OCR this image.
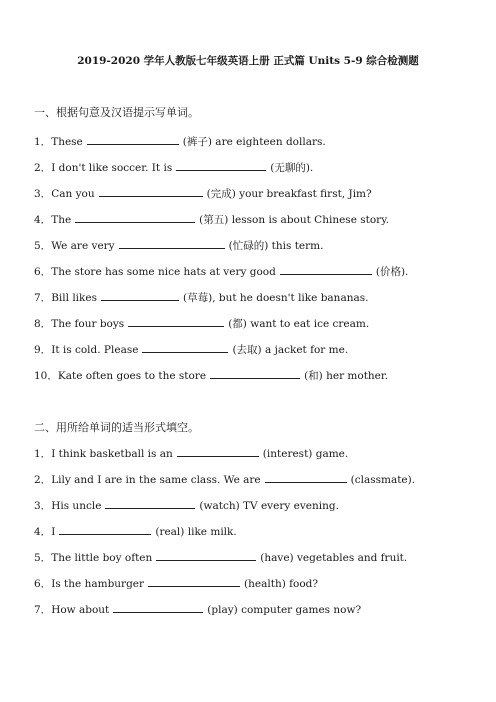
2019-2020 学年人教版七年级英语上册 正式篇 Units 5-9 综合检测题
一、根据句意及汉语提示写单词。
1．These	(裤子) are eighteen dollars.
2．I don't like soccer. It is	(无聊的).
3．Can you	(完成) your breakfast first, Jim?
4．The	(第五) lesson is about Chinese story.
5．We are very	(忙碌的) this term.
6．The store has some nice hats at very good	(价格).
7．Bill likes	(草莓), but he doesn't like bananas.
8．The four boys	(都) want to eat ice cream.
9．It is cold. Please	(去取) a jacket for me.
10．Kate often goes to the store	(和) her mother.
二、用所给单词的适当形式填空。
1．I think basketball is an	(interest) game.
2．Lily and I are in the same class. We are	(classmate).
3．His uncle	(watch) TV every evening.
4．I	(real) like milk.
5．The little boy often	(have) vegetables and fruit.
6．Is the hamburger	(health) food?
7．How about	(play) computer games now?
